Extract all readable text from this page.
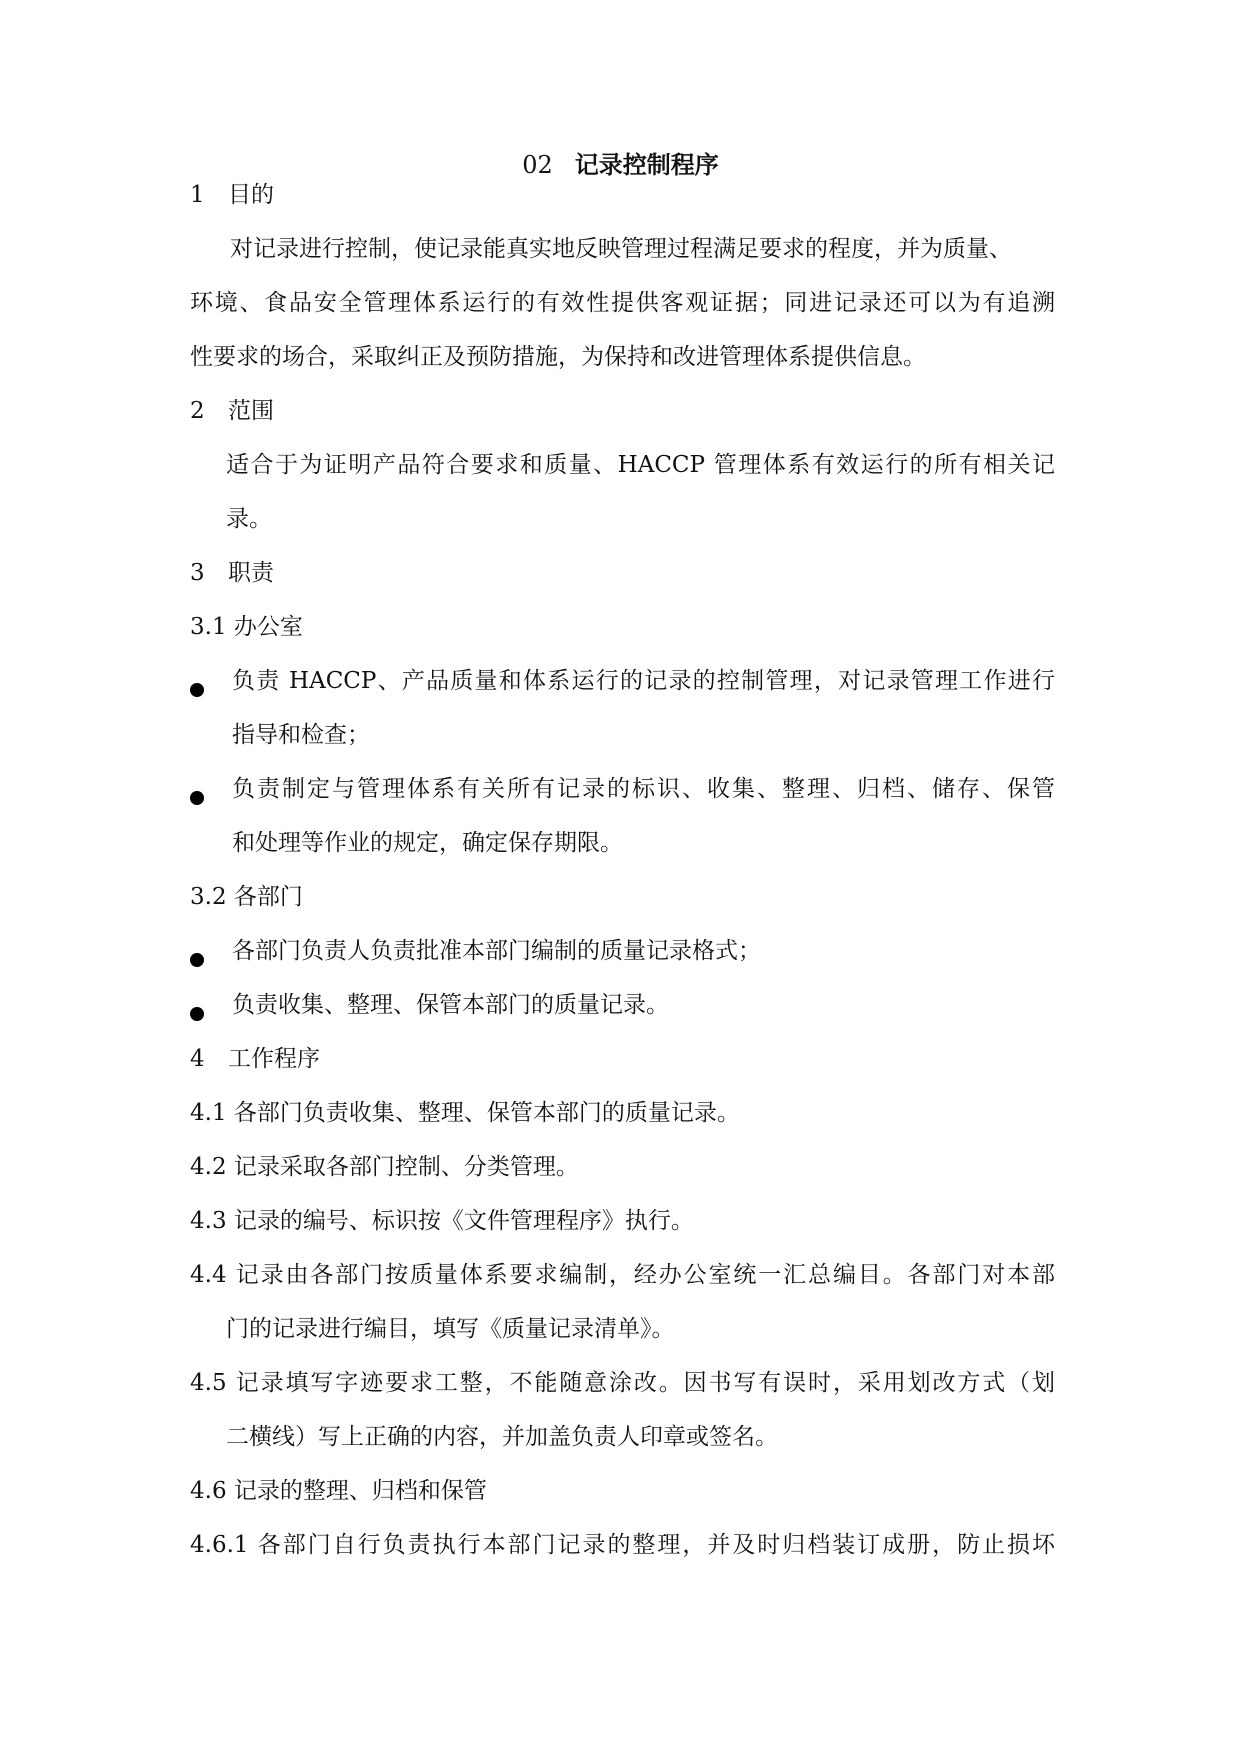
02 记录控制程序
1 目的
对记录进行控制，使记录能真实地反映管理过程满足要求的程度，并为质量、
环境、食品安全管理体系运行的有效性提供客观证据；同进记录还可以为有追溯
性要求的场合，采取纠正及预防措施，为保持和改进管理体系提供信息。
2 范围
适合于为证明产品符合要求和质量、HACCP 管理体系有效运行的所有相关记
录。
3 职责
3.1 办公室
负责 HACCP、产品质量和体系运行的记录的控制管理，对记录管理工作进行
指导和检查；
负责制定与管理体系有关所有记录的标识、收集、整理、归档、储存、保管
和处理等作业的规定，确定保存期限。
3.2 各部门
各部门负责人负责批准本部门编制的质量记录格式；
负责收集、整理、保管本部门的质量记录。
4 工作程序
4.1 各部门负责收集、整理、保管本部门的质量记录。
4.2 记录采取各部门控制、分类管理。
4.3 记录的编号、标识按《文件管理程序》执行。
4.4 记录由各部门按质量体系要求编制，经办公室统一汇总编目。各部门对本部
门的记录进行编目，填写《质量记录清单》。
4.5 记录填写字迹要求工整，不能随意涂改。因书写有误时，采用划改方式（划
二横线）写上正确的内容，并加盖负责人印章或签名。
4.6 记录的整理、归档和保管
4.6.1 各部门自行负责执行本部门记录的整理，并及时归档装订成册，防止损坏
